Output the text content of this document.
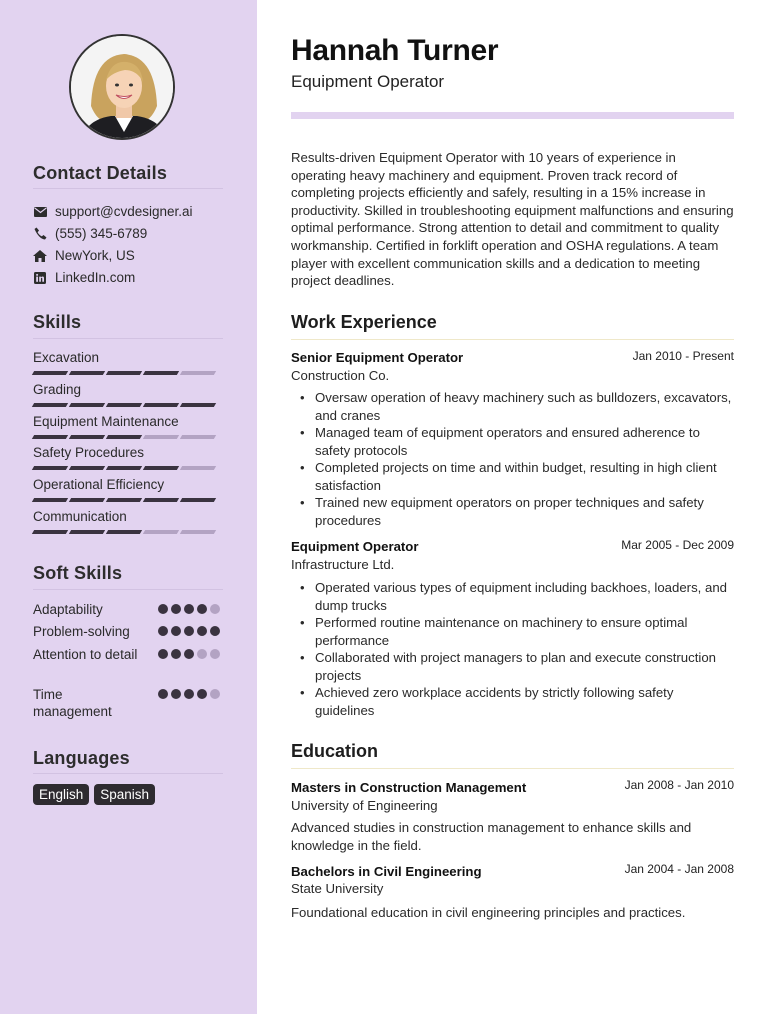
Contact Details
support@cvdesigner.ai
(555) 345-6789
NewYork, US
LinkedIn.com
Skills
Excavation
Grading
Equipment Maintenance
Safety Procedures
Operational Efficiency
Communication
Soft Skills
Adaptability
Problem-solving
Attention to detail
Time management
Languages
English	Spanish
Hannah Turner
Equipment Operator
Results-driven Equipment Operator with 10 years of experience in operating heavy machinery and equipment. Proven track record of completing projects efficiently and safely, resulting in a 15% increase in productivity. Skilled in troubleshooting equipment malfunctions and ensuring optimal performance. Strong attention to detail and commitment to quality workmanship. Certified in forklift operation and OSHA regulations. A team player with excellent communication skills and a dedication to meeting project deadlines.
Work Experience
Senior Equipment Operator	Jan 2010 - Present
Construction Co.
• Oversaw operation of heavy machinery such as bulldozers, excavators, and cranes
• Managed team of equipment operators and ensured adherence to safety protocols
• Completed projects on time and within budget, resulting in high client satisfaction
• Trained new equipment operators on proper techniques and safety procedures
Equipment Operator	Mar 2005 - Dec 2009
Infrastructure Ltd.
• Operated various types of equipment including backhoes, loaders, and dump trucks
• Performed routine maintenance on machinery to ensure optimal performance
• Collaborated with project managers to plan and execute construction projects
• Achieved zero workplace accidents by strictly following safety guidelines
Education
Masters in Construction Management	Jan 2008 - Jan 2010
University of Engineering
Advanced studies in construction management to enhance skills and knowledge in the field.
Bachelors in Civil Engineering	Jan 2004 - Jan 2008
State University
Foundational education in civil engineering principles and practices.
